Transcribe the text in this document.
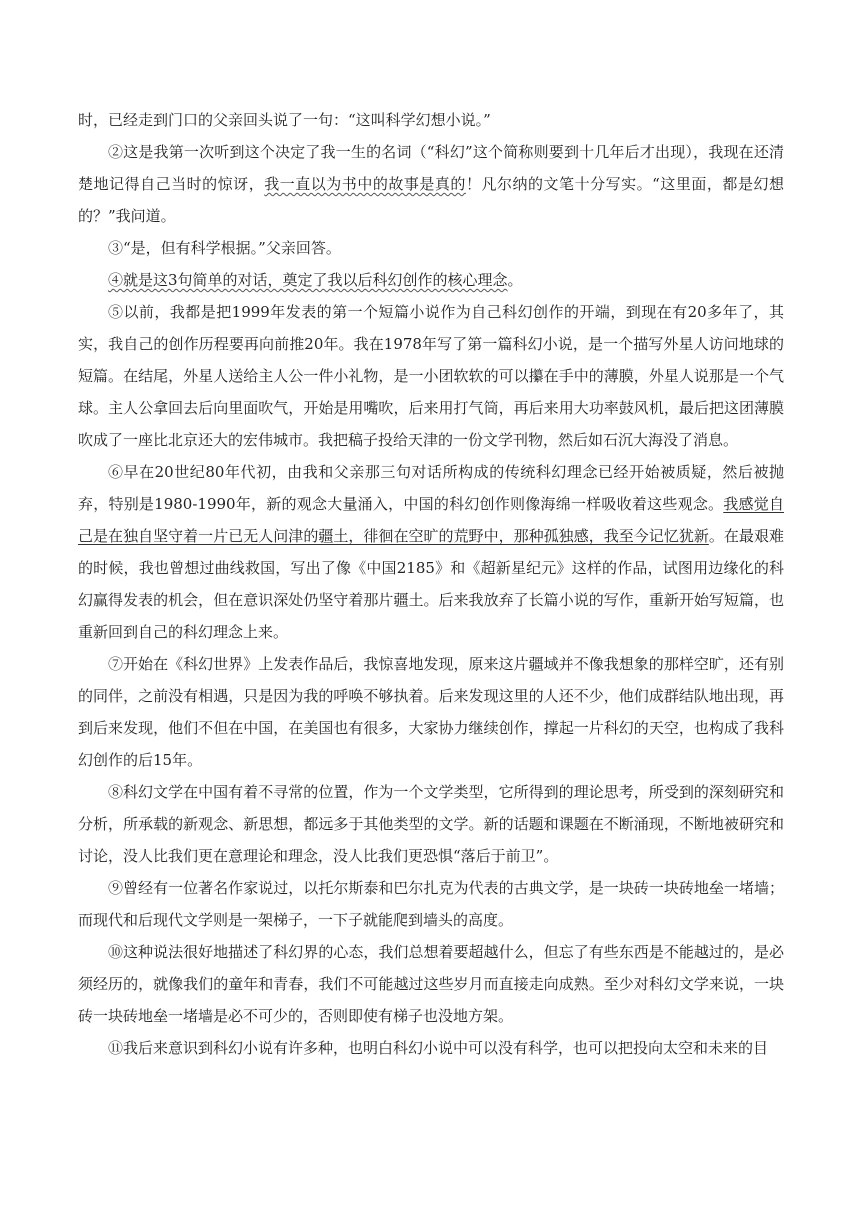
时，已经走到门口的父亲回头说了一句：“这叫科学幻想小说。”

②这是我第一次听到这个决定了我一生的名词（“科幻”这个简称则要到十几年后才出现），我现在还清楚地记得自己当时的惊讶，我一直以为书中的故事是真的！凡尔纳的文笔十分写实。“这里面，都是幻想的？”我问道。

③“是，但有科学根据。”父亲回答。

④就是这3句简单的对话，奠定了我以后科幻创作的核心理念。

⑤以前，我都是把1999年发表的第一个短篇小说作为自己科幻创作的开端，到现在有20多年了，其实，我自己的创作历程要再向前推20年。我在1978年写了第一篇科幻小说，是一个描写外星人访问地球的短篇。在结尾，外星人送给主人公一件小礼物，是一小团软软的可以攥在手中的薄膜，外星人说那是一个气球。主人公拿回去后向里面吹气，开始是用嘴吹，后来用打气筒，再后来用大功率鼓风机，最后把这团薄膜吹成了一座比北京还大的宏伟城市。我把稿子投给天津的一份文学刊物，然后如石沉大海没了消息。

⑥早在20世纪80年代初，由我和父亲那三句对话所构成的传统科幻理念已经开始被质疑，然后被抛弃，特别是1980-1990年，新的观念大量涌入，中国的科幻创作则像海绵一样吸收着这些观念。我感觉自己是在独自坚守着一片已无人问津的疆土，徘徊在空旷的荒野中，那种孤独感，我至今记忆犹新。在最艰难的时候，我也曾想过曲线救国，写出了像《中国2185》和《超新星纪元》这样的作品，试图用边缘化的科幻赢得发表的机会，但在意识深处仍坚守着那片疆土。后来我放弃了长篇小说的写作，重新开始写短篇，也重新回到自己的科幻理念上来。

⑦开始在《科幻世界》上发表作品后，我惊喜地发现，原来这片疆域并不像我想象的那样空旷，还有别的同伴，之前没有相遇，只是因为我的呼唤不够执着。后来发现这里的人还不少，他们成群结队地出现，再到后来发现，他们不但在中国，在美国也有很多，大家协力继续创作，撑起一片科幻的天空，也构成了我科幻创作的后15年。

⑧科幻文学在中国有着不寻常的位置，作为一个文学类型，它所得到的理论思考，所受到的深刻研究和分析，所承载的新观念、新思想，都远多于其他类型的文学。新的话题和课题在不断涌现，不断地被研究和讨论，没人比我们更在意理论和理念，没人比我们更恐惧“落后于前卫”。

⑨曾经有一位著名作家说过，以托尔斯泰和巴尔扎克为代表的古典文学，是一块砖一块砖地垒一堵墙；而现代和后现代文学则是一架梯子，一下子就能爬到墙头的高度。

⑩这种说法很好地描述了科幻界的心态，我们总想着要超越什么，但忘了有些东西是不能越过的，是必须经历的，就像我们的童年和青春，我们不可能越过这些岁月而直接走向成熟。至少对科幻文学来说，一块砖一块砖地垒一堵墙是必不可少的，否则即使有梯子也没地方架。

⑪我后来意识到科幻小说有许多种，也明白科幻小说中可以没有科学，也可以把投向太空和未来的目
